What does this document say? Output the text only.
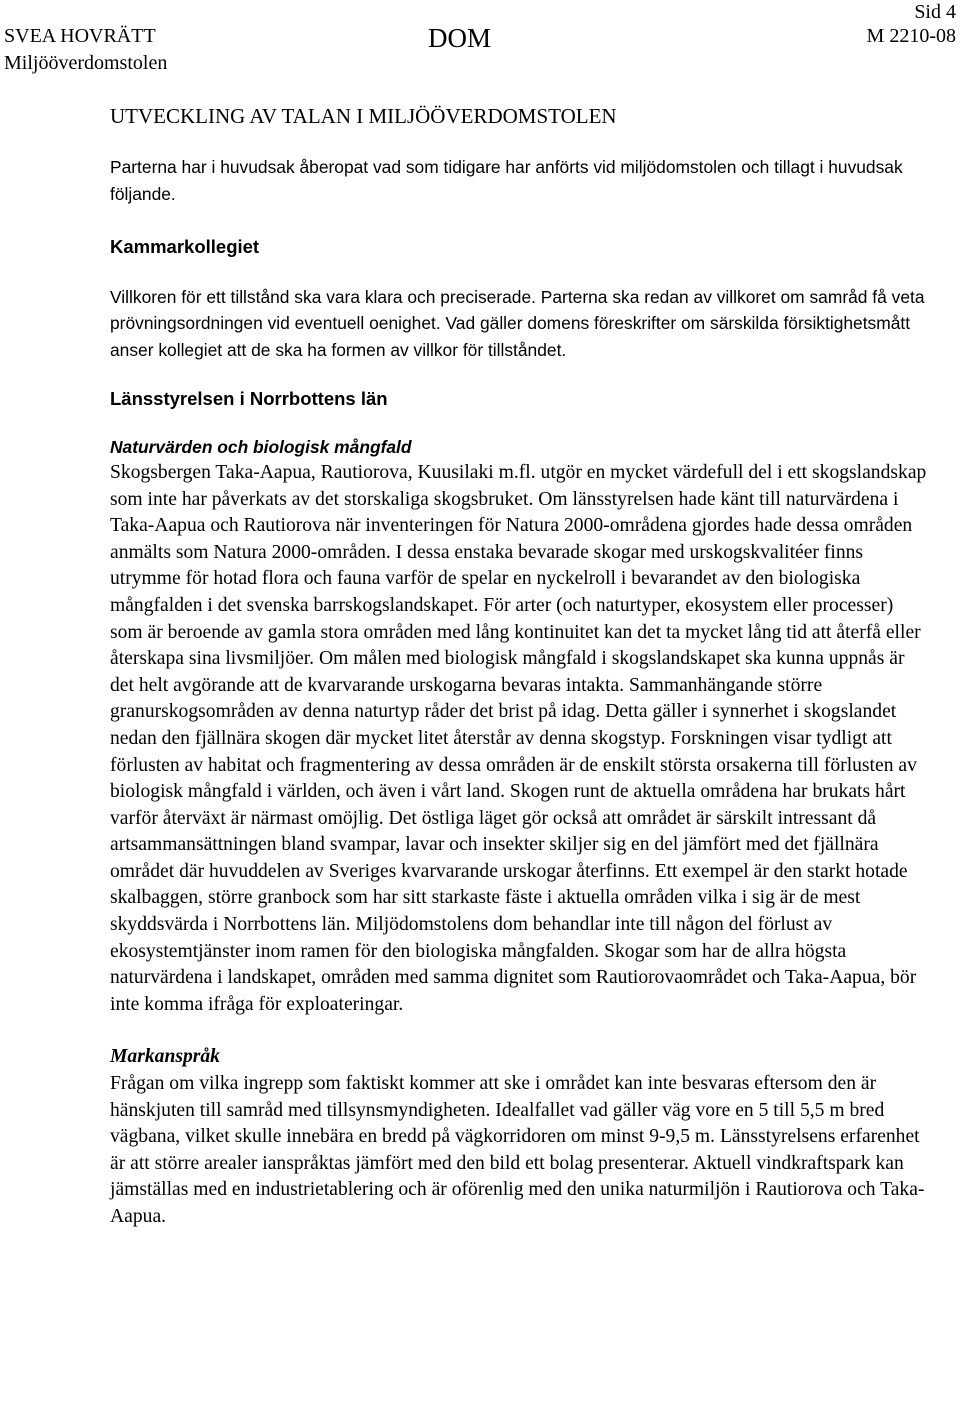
SVEA HOVRÄTT
Miljööverdomstolen
DOM
Sid 4
M 2210-08
UTVECKLING AV TALAN I MILJÖÖVERDOMSTOLEN

Parterna har i huvudsak åberopat vad som tidigare har anförts vid miljödomstolen och tillagt i huvudsak följande.

Kammarkollegiet

Villkoren för ett tillstånd ska vara klara och preciserade. Parterna ska redan av villkoret om samråd få veta prövningsordningen vid eventuell oenighet. Vad gäller domens föreskrifter om särskilda försiktighetsmått anser kollegiet att de ska ha formen av villkor för tillståndet.

Länsstyrelsen i Norrbottens län
Naturvärden och biologisk mångfald

Skogsbergen Taka-Aapua, Rautiorova, Kuusilaki m.fl. utgör en mycket värdefull del i ett skogslandskap som inte har påverkats av det storskaliga skogsbruket. Om länsstyrelsen hade känt till naturvärdena i Taka-Aapua och Rautiorova när inventeringen för Natura 2000-områdena gjordes hade dessa områden anmälts som Natura 2000-områden. I dessa enstaka bevarade skogar med urskogskvalitéer finns utrymme för hotad flora och fauna varför de spelar en nyckelroll i bevarandet av den biologiska mångfalden i det svenska barrskogslandskapet. För arter (och naturtyper, ekosystem eller processer) som är beroende av gamla stora områden med lång kontinuitet kan det ta mycket lång tid att återfå eller återskapa sina livsmiljöer. Om målen med biologisk mångfald i skogslandskapet ska kunna uppnås är det helt avgörande att de kvarvarande urskogarna bevaras intakta. Sammanhängande större granurskogsområden av denna naturtyp råder det brist på idag. Detta gäller i synnerhet i skogslandet nedan den fjällnära skogen där mycket litet återstår av denna skogstyp. Forskningen visar tydligt att förlusten av habitat och fragmentering av dessa områden är de enskilt största orsakerna till förlusten av biologisk mångfald i världen, och även i vårt land. Skogen runt de aktuella områdena har brukats hårt varför återväxt är närmast omöjlig. Det östliga läget gör också att området är särskilt intressant då artsammansättningen bland svampar, lavar och insekter skiljer sig en del jämfört med det fjällnära området där huvuddelen av Sveriges kvarvarande urskogar återfinns. Ett exempel är den starkt hotade skalbaggen, större granbock som har sitt starkaste fäste i aktuella områden vilka i sig är de mest skyddsvärda i Norrbottens län. Miljödomstolens dom behandlar inte till någon del förlust av ekosystemtjänster inom ramen för den biologiska mångfalden. Skogar som har de allra högsta naturvärdena i landskapet, områden med samma dignitet som Rautiorovaområdet och Taka-Aapua, bör inte komma ifråga för exploateringar.

Markanspråk

Frågan om vilka ingrepp som faktiskt kommer att ske i området kan inte besvaras eftersom den är hänskjuten till samråd med tillsynsmyndigheten. Idealfallet vad gäller väg vore en 5 till 5,5 m bred vägbana, vilket skulle innebära en bredd på vägkorridoren om minst 9-9,5 m. Länsstyrelsens erfarenhet är att större arealer ianspråktas jämfört med den bild ett bolag presenterar. Aktuell vindkraftspark kan jämställas med en industrietablering och är oförenlig med den unika naturmiljön i Rautiorova och Taka-Aapua.
